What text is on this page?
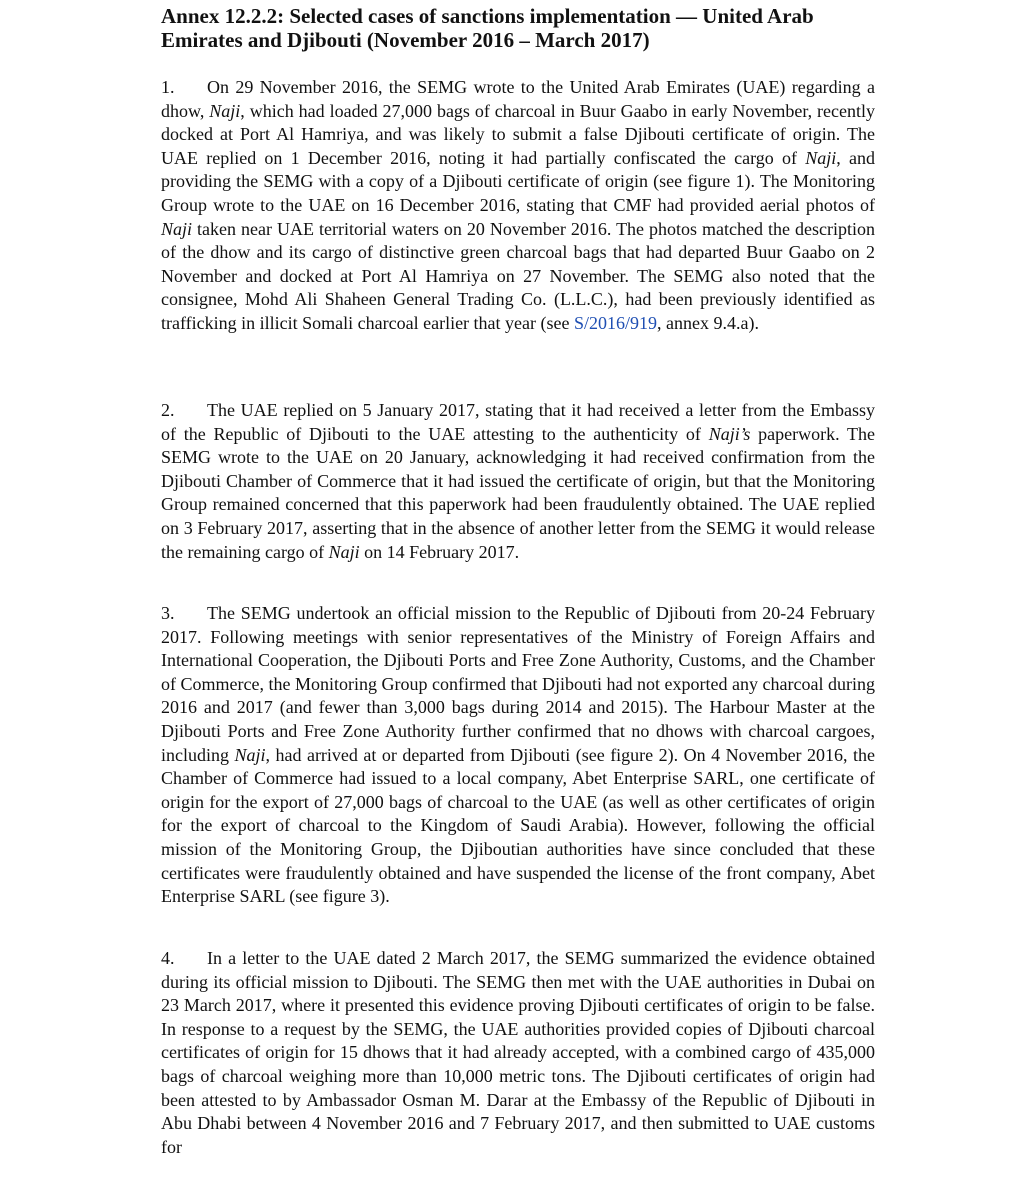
Annex 12.2.2: Selected cases of sanctions implementation — United Arab Emirates and Djibouti (November 2016 – March 2017)

1. On 29 November 2016, the SEMG wrote to the United Arab Emirates (UAE) regarding a dhow, Naji, which had loaded 27,000 bags of charcoal in Buur Gaabo in early November, recently docked at Port Al Hamriya, and was likely to submit a false Djibouti certificate of origin. The UAE replied on 1 December 2016, noting it had partially confiscated the cargo of Naji, and providing the SEMG with a copy of a Djibouti certificate of origin (see figure 1). The Monitoring Group wrote to the UAE on 16 December 2016, stating that CMF had provided aerial photos of Naji taken near UAE territorial waters on 20 November 2016. The photos matched the description of the dhow and its cargo of distinctive green charcoal bags that had departed Buur Gaabo on 2 November and docked at Port Al Hamriya on 27 November. The SEMG also noted that the consignee, Mohd Ali Shaheen General Trading Co. (L.L.C.), had been previously identified as trafficking in illicit Somali charcoal earlier that year (see S/2016/919, annex 9.4.a).

2. The UAE replied on 5 January 2017, stating that it had received a letter from the Embassy of the Republic of Djibouti to the UAE attesting to the authenticity of Naji’s paperwork. The SEMG wrote to the UAE on 20 January, acknowledging it had received confirmation from the Djibouti Chamber of Commerce that it had issued the certificate of origin, but that the Monitoring Group remained concerned that this paperwork had been fraudulently obtained. The UAE replied on 3 February 2017, asserting that in the absence of another letter from the SEMG it would release the remaining cargo of Naji on 14 February 2017.

3. The SEMG undertook an official mission to the Republic of Djibouti from 20-24 February 2017. Following meetings with senior representatives of the Ministry of Foreign Affairs and International Cooperation, the Djibouti Ports and Free Zone Authority, Customs, and the Chamber of Commerce, the Monitoring Group confirmed that Djibouti had not exported any charcoal during 2016 and 2017 (and fewer than 3,000 bags during 2014 and 2015). The Harbour Master at the Djibouti Ports and Free Zone Authority further confirmed that no dhows with charcoal cargoes, including Naji, had arrived at or departed from Djibouti (see figure 2). On 4 November 2016, the Chamber of Commerce had issued to a local company, Abet Enterprise SARL, one certificate of origin for the export of 27,000 bags of charcoal to the UAE (as well as other certificates of origin for the export of charcoal to the Kingdom of Saudi Arabia). However, following the official mission of the Monitoring Group, the Djiboutian authorities have since concluded that these certificates were fraudulently obtained and have suspended the license of the front company, Abet Enterprise SARL (see figure 3).

4. In a letter to the UAE dated 2 March 2017, the SEMG summarized the evidence obtained during its official mission to Djibouti. The SEMG then met with the UAE authorities in Dubai on 23 March 2017, where it presented this evidence proving Djibouti certificates of origin to be false. In response to a request by the SEMG, the UAE authorities provided copies of Djibouti charcoal certificates of origin for 15 dhows that it had already accepted, with a combined cargo of 435,000 bags of charcoal weighing more than 10,000 metric tons. The Djibouti certificates of origin had been attested to by Ambassador Osman M. Darar at the Embassy of the Republic of Djibouti in Abu Dhabi between 4 November 2016 and 7 February 2017, and then submitted to UAE customs for
